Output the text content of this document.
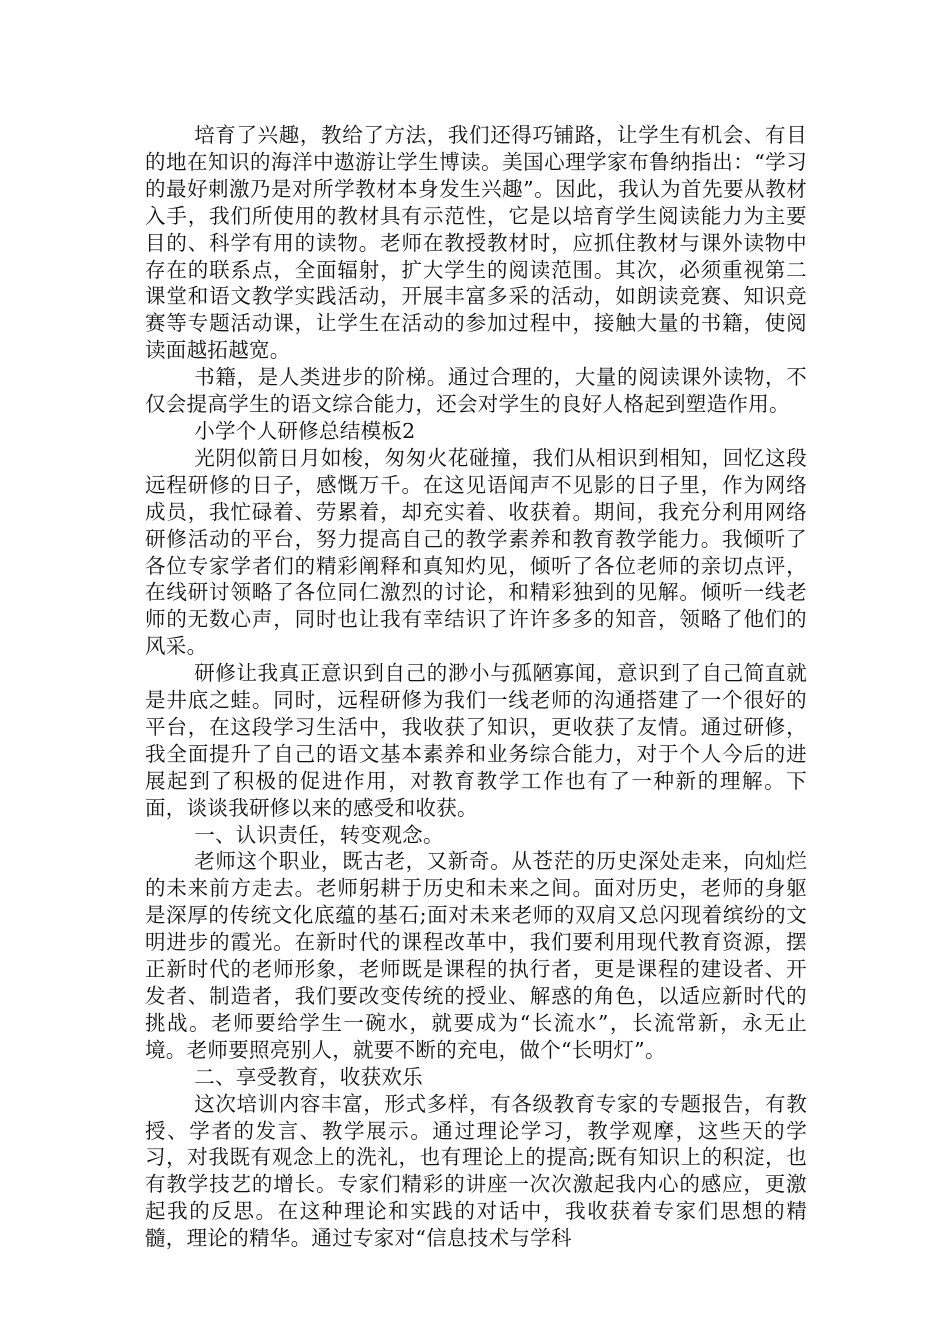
培育了兴趣，教给了方法，我们还得巧铺路，让学生有机会、有目的地在知识的海洋中遨游让学生博读。美国心理学家布鲁纳指出：“学习的最好刺激乃是对所学教材本身发生兴趣”。因此，我认为首先要从教材入手，我们所使用的教材具有示范性，它是以培育学生阅读能力为主要目的、科学有用的读物。老师在教授教材时，应抓住教材与课外读物中存在的联系点，全面辐射，扩大学生的阅读范围。其次，必须重视第二课堂和语文教学实践活动，开展丰富多采的活动，如朗读竞赛、知识竞赛等专题活动课，让学生在活动的参加过程中，接触大量的书籍，使阅读面越拓越宽。

书籍，是人类进步的阶梯。通过合理的，大量的阅读课外读物，不仅会提高学生的语文综合能力，还会对学生的良好人格起到塑造作用。

小学个人研修总结模板2

光阴似箭日月如梭，匆匆火花碰撞，我们从相识到相知，回忆这段远程研修的日子，感慨万千。在这见语闻声不见影的日子里，作为网络成员，我忙碌着、劳累着，却充实着、收获着。期间，我充分利用网络研修活动的平台，努力提高自己的教学素养和教育教学能力。我倾听了各位专家学者们的精彩阐释和真知灼见，倾听了各位老师的亲切点评，在线研讨领略了各位同仁激烈的讨论，和精彩独到的见解。倾听一线老师的无数心声，同时也让我有幸结识了许许多多的知音，领略了他们的风采。

研修让我真正意识到自己的渺小与孤陋寡闻，意识到了自己简直就是井底之蛙。同时，远程研修为我们一线老师的沟通搭建了一个很好的平台，在这段学习生活中，我收获了知识，更收获了友情。通过研修，我全面提升了自己的语文基本素养和业务综合能力，对于个人今后的进展起到了积极的促进作用，对教育教学工作也有了一种新的理解。下面，谈谈我研修以来的感受和收获。

一、认识责任，转变观念。

老师这个职业，既古老，又新奇。从苍茫的历史深处走来，向灿烂的未来前方走去。老师躬耕于历史和未来之间。面对历史，老师的身躯是深厚的传统文化底蕴的基石;面对未来老师的双肩又总闪现着缤纷的文明进步的霞光。在新时代的课程改革中，我们要利用现代教育资源，摆正新时代的老师形象，老师既是课程的执行者，更是课程的建设者、开发者、制造者，我们要改变传统的授业、解惑的角色，以适应新时代的挑战。老师要给学生一碗水，就要成为“长流水”，长流常新，永无止境。老师要照亮别人，就要不断的充电，做个“长明灯”。

二、享受教育，收获欢乐

这次培训内容丰富，形式多样，有各级教育专家的专题报告，有教授、学者的发言、教学展示。通过理论学习，教学观摩，这些天的学习，对我既有观念上的洗礼，也有理论上的提高;既有知识上的积淀，也有教学技艺的增长。专家们精彩的讲座一次次激起我内心的感应，更激起我的反思。在这种理论和实践的对话中，我收获着专家们思想的精髓，理论的精华。通过专家对“信息技术与学科
